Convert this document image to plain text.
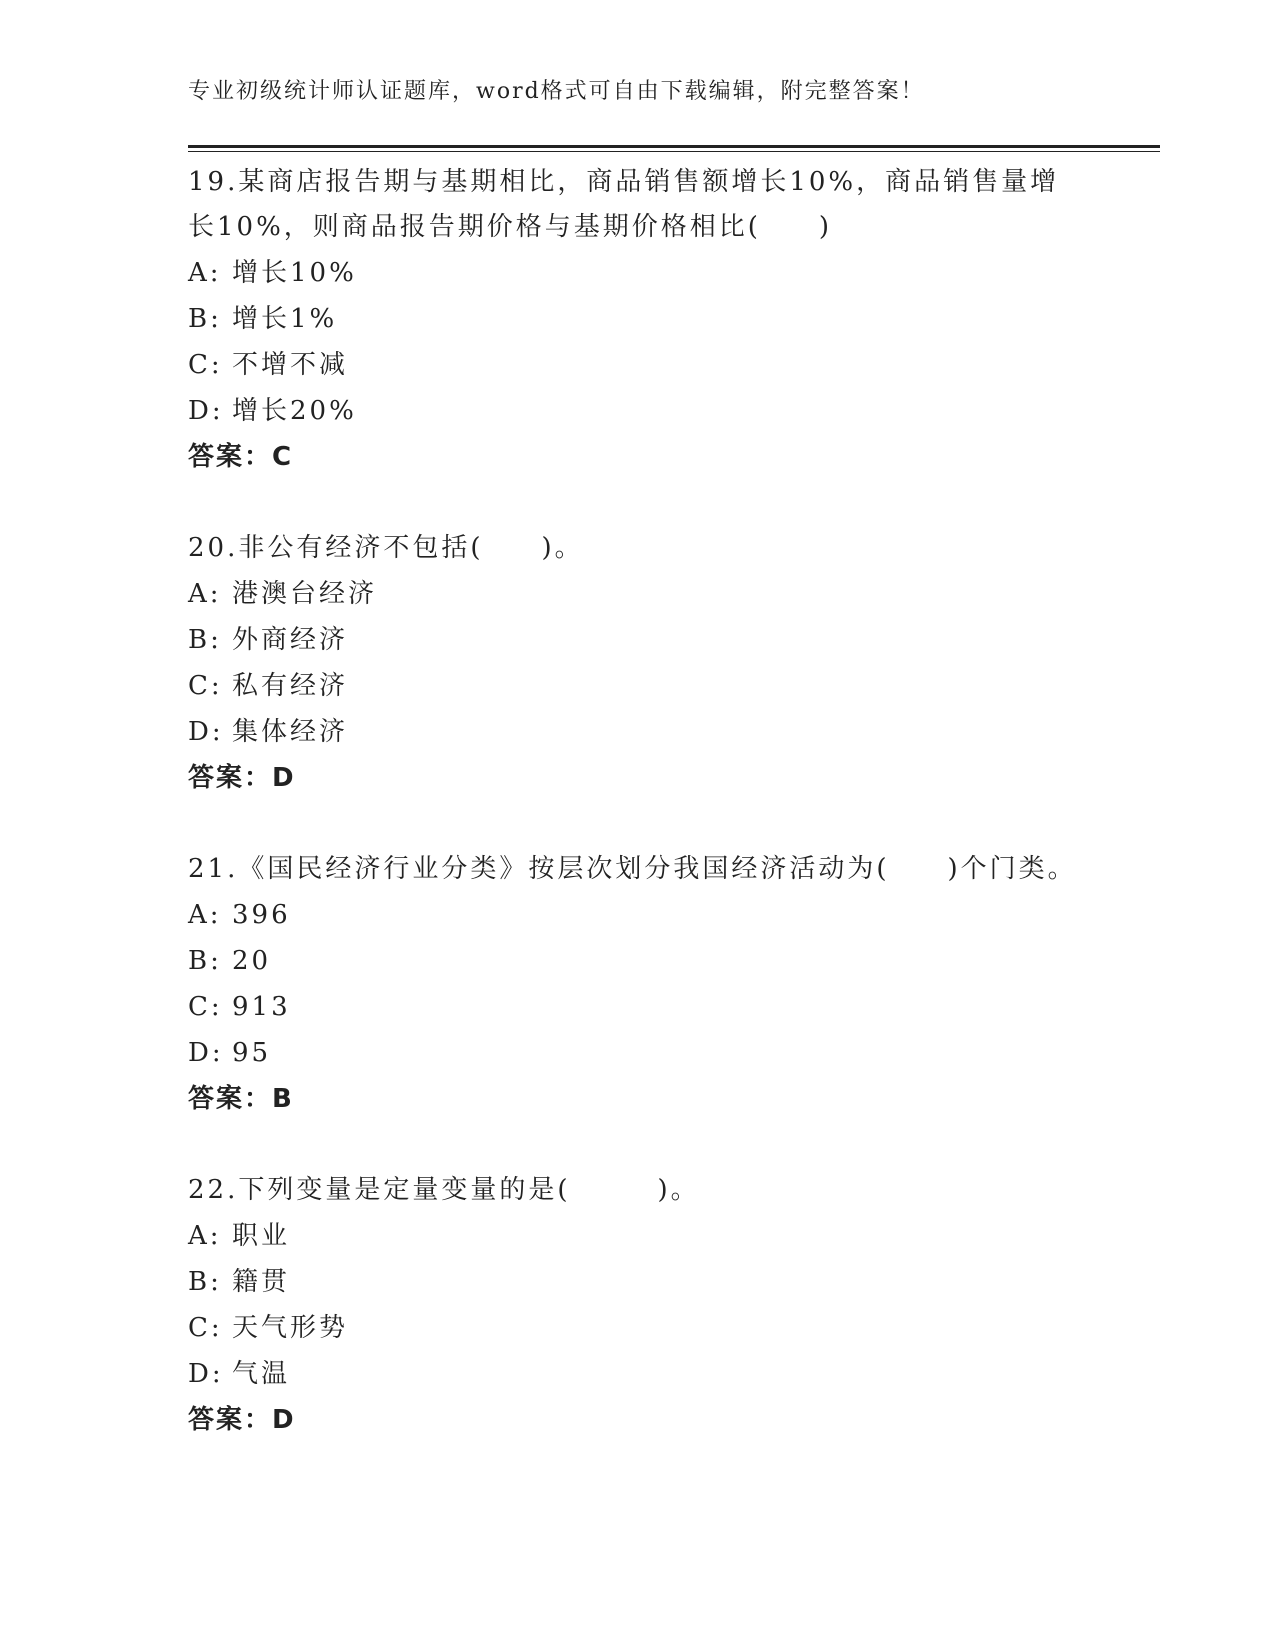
专业初级统计师认证题库，word格式可自由下载编辑，附完整答案！
19.某商店报告期与基期相比，商品销售额增长10%，商品销售量增长10%，则商品报告期价格与基期价格相比(　　)
A: 增长10%
B: 增长1%
C: 不增不减
D: 增长20%
答案：C
20.非公有经济不包括(　　)。
A: 港澳台经济
B: 外商经济
C: 私有经济
D: 集体经济
答案：D
21.《国民经济行业分类》按层次划分我国经济活动为(　　)个门类。
A: 396
B: 20
C: 913
D: 95
答案：B
22.下列变量是定量变量的是(　　　)。
A: 职业
B: 籍贯
C: 天气形势
D: 气温
答案：D
